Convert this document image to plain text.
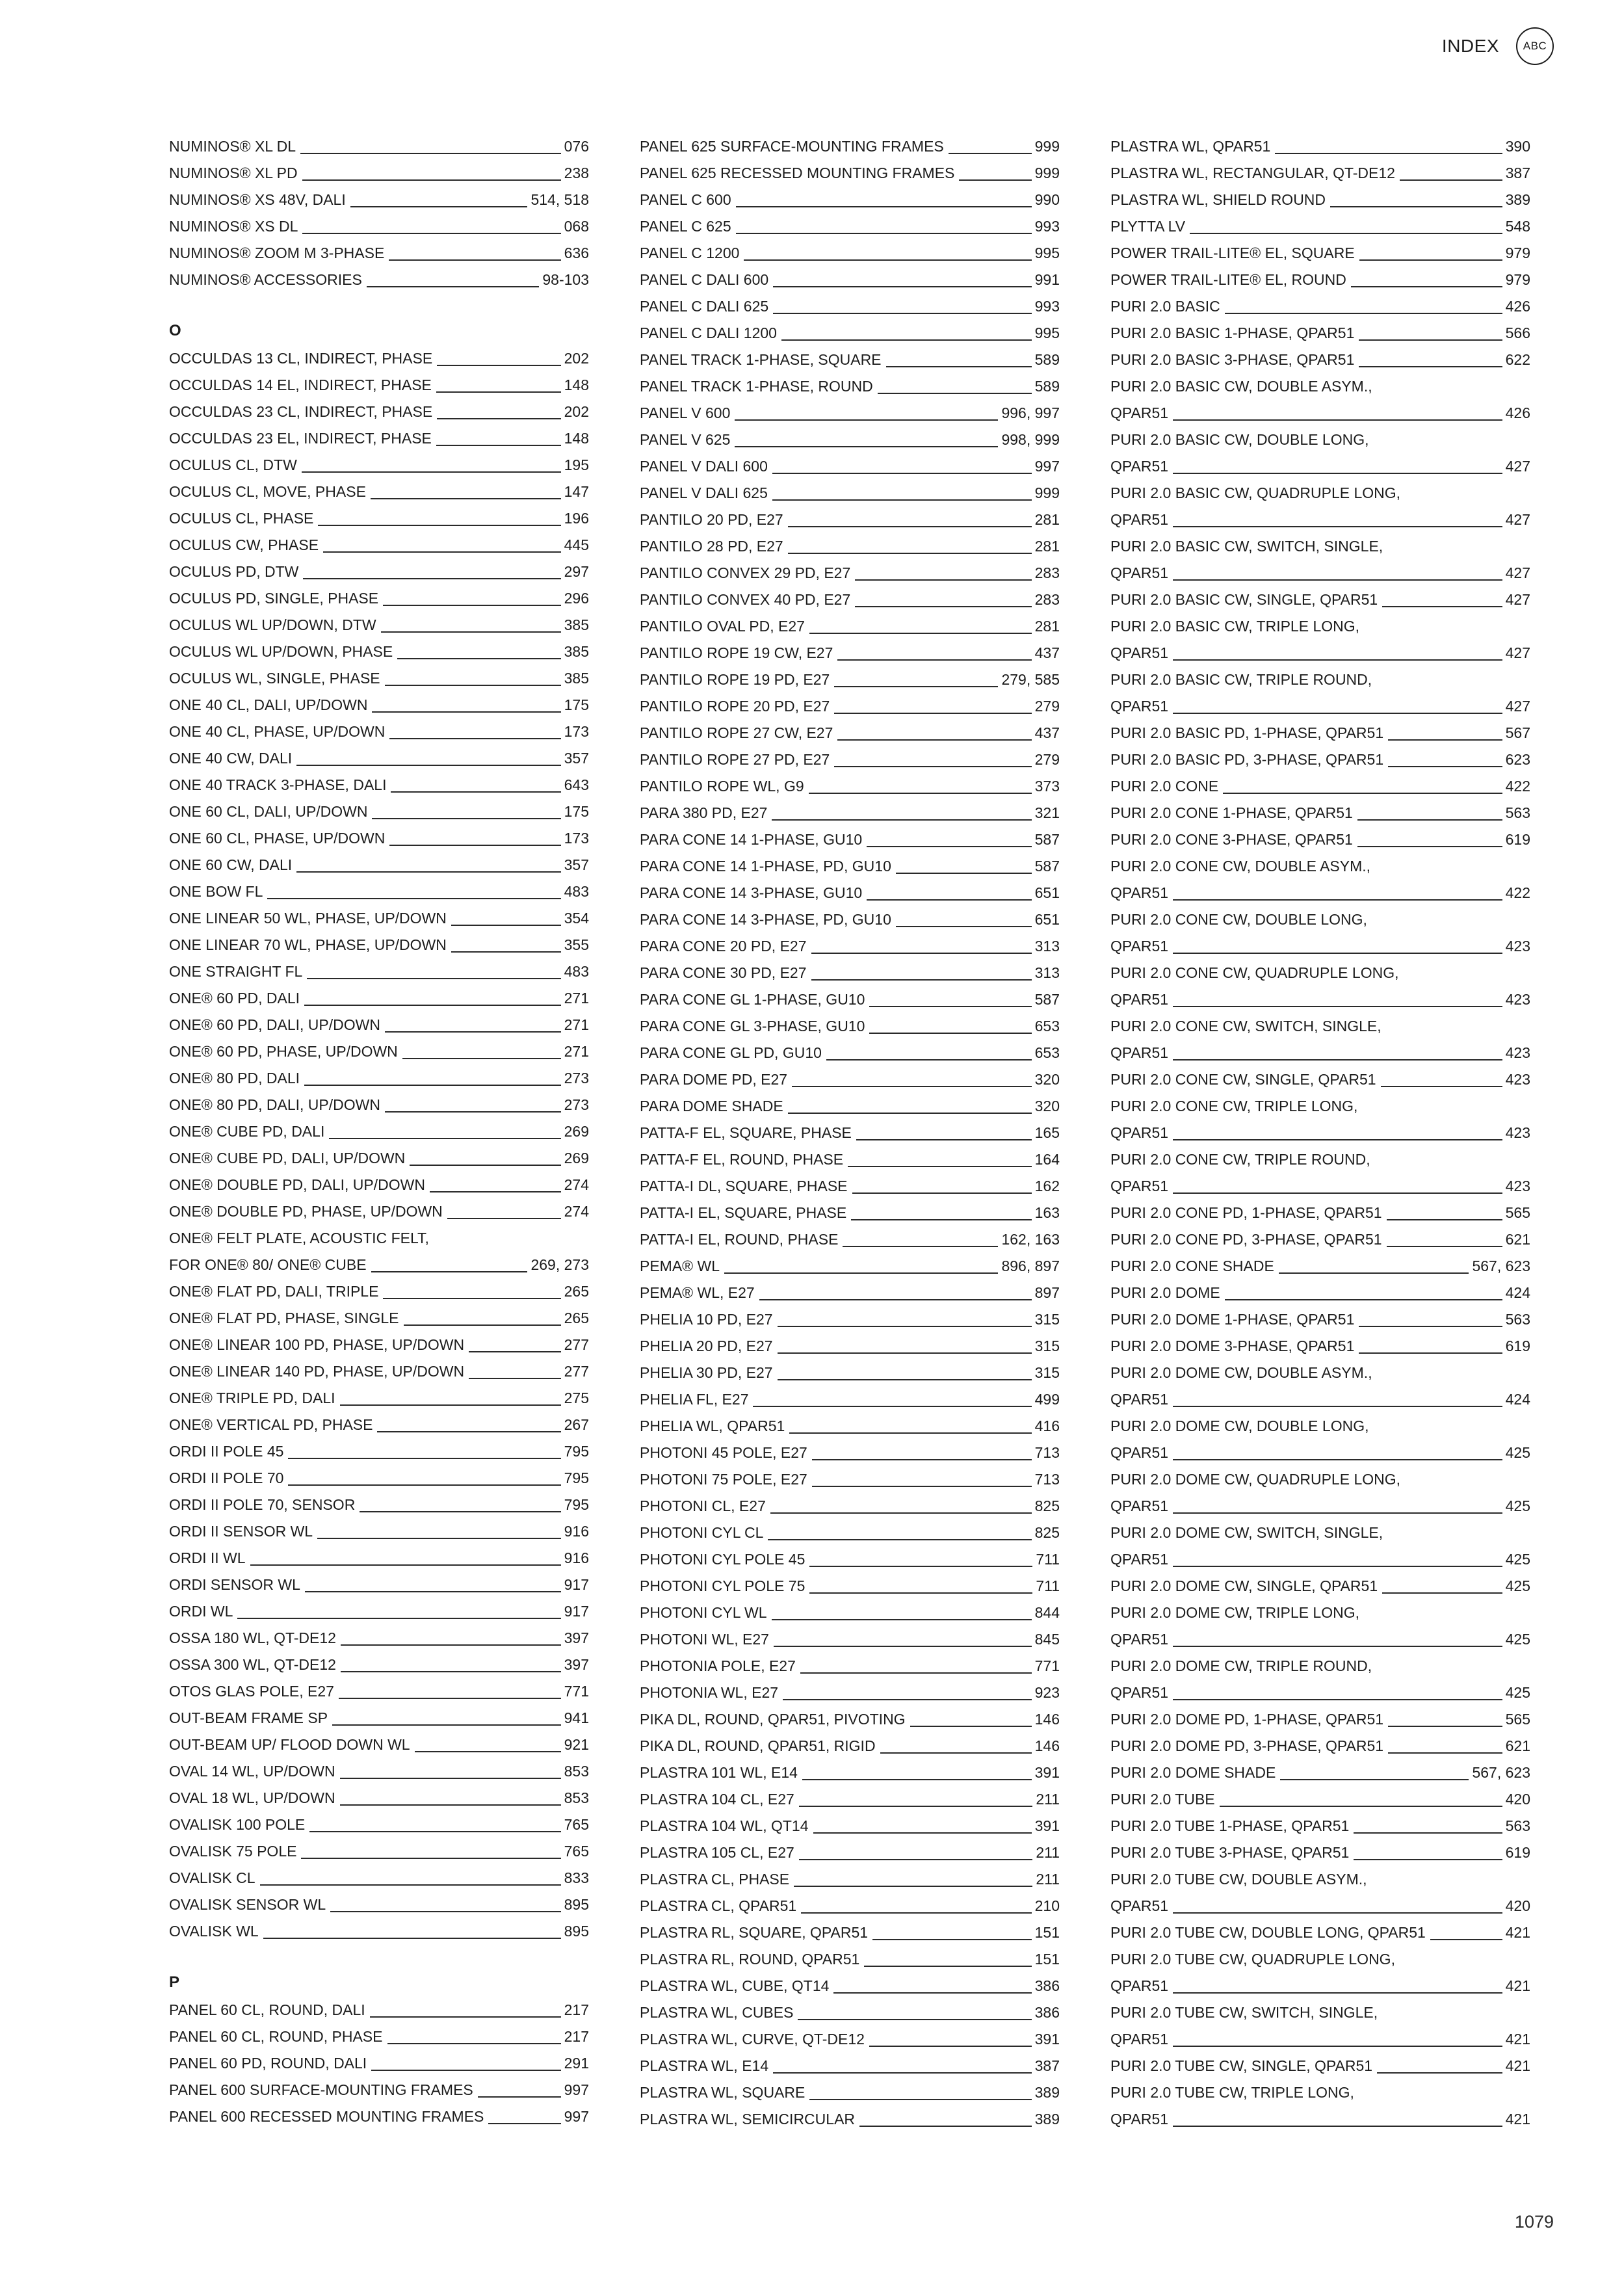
INDEX	ABC
NUMINOS® XL DL	076
NUMINOS® XL PD	238
NUMINOS® XS 48V, DALI	514, 518
NUMINOS® XS DL	068
NUMINOS® ZOOM M 3-PHASE	636
NUMINOS® ACCESSORIES	98-103
O
OCCULDAS 13 CL, INDIRECT, PHASE	202
OCCULDAS 14 EL, INDIRECT, PHASE	148
OCCULDAS 23 CL, INDIRECT, PHASE	202
OCCULDAS 23 EL, INDIRECT, PHASE	148
OCULUS CL, DTW	195
OCULUS CL, MOVE, PHASE	147
OCULUS CL, PHASE	196
OCULUS CW, PHASE	445
OCULUS PD, DTW	297
OCULUS PD, SINGLE, PHASE	296
OCULUS WL UP/DOWN, DTW	385
OCULUS WL UP/DOWN, PHASE	385
OCULUS WL, SINGLE, PHASE	385
ONE 40 CL, DALI, UP/DOWN	175
ONE 40 CL, PHASE, UP/DOWN	173
ONE 40 CW, DALI	357
ONE 40 TRACK 3-PHASE, DALI	643
ONE 60 CL, DALI, UP/DOWN	175
ONE 60 CL, PHASE, UP/DOWN	173
ONE 60 CW, DALI	357
ONE BOW FL	483
ONE LINEAR 50 WL, PHASE, UP/DOWN	354
ONE LINEAR 70 WL, PHASE, UP/DOWN	355
ONE STRAIGHT FL	483
ONE® 60 PD, DALI	271
ONE® 60 PD, DALI, UP/DOWN	271
ONE® 60 PD, PHASE, UP/DOWN	271
ONE® 80 PD, DALI	273
ONE® 80 PD, DALI, UP/DOWN	273
ONE® CUBE PD, DALI	269
ONE® CUBE PD, DALI, UP/DOWN	269
ONE® DOUBLE PD, DALI, UP/DOWN	274
ONE® DOUBLE PD, PHASE, UP/DOWN	274
ONE® FELT PLATE, ACOUSTIC FELT,
FOR ONE® 80/ ONE® CUBE	269, 273
ONE® FLAT PD, DALI, TRIPLE	265
ONE® FLAT PD, PHASE, SINGLE	265
ONE® LINEAR 100 PD, PHASE, UP/DOWN	277
ONE® LINEAR 140 PD, PHASE, UP/DOWN	277
ONE® TRIPLE PD, DALI	275
ONE® VERTICAL PD, PHASE	267
ORDI II POLE 45	795
ORDI II POLE 70	795
ORDI II POLE 70, SENSOR	795
ORDI II SENSOR WL	916
ORDI II WL	916
ORDI SENSOR WL	917
ORDI WL	917
OSSA 180 WL, QT-DE12	397
OSSA 300 WL, QT-DE12	397
OTOS GLAS POLE, E27	771
OUT-BEAM FRAME SP	941
OUT-BEAM UP/ FLOOD DOWN WL	921
OVAL 14 WL, UP/DOWN	853
OVAL 18 WL, UP/DOWN	853
OVALISK 100 POLE	765
OVALISK 75 POLE	765
OVALISK CL	833
OVALISK SENSOR WL	895
OVALISK WL	895
P
PANEL 60 CL, ROUND, DALI	217
PANEL 60 CL, ROUND, PHASE	217
PANEL 60 PD, ROUND, DALI	291
PANEL 600 SURFACE-MOUNTING FRAMES	997
PANEL 600 RECESSED MOUNTING FRAMES	997
PANEL 625 SURFACE-MOUNTING FRAMES	999
PANEL 625 RECESSED MOUNTING FRAMES	999
PANEL C 600	990
PANEL C 625	993
PANEL C 1200	995
PANEL C DALI 600	991
PANEL C DALI 625	993
PANEL C DALI 1200	995
PANEL TRACK 1-PHASE, SQUARE	589
PANEL TRACK 1-PHASE, ROUND	589
PANEL V 600	996, 997
PANEL V 625	998, 999
PANEL V DALI 600	997
PANEL V DALI 625	999
PANTILO 20 PD, E27	281
PANTILO 28 PD, E27	281
PANTILO CONVEX 29 PD, E27	283
PANTILO CONVEX 40 PD, E27	283
PANTILO OVAL PD, E27	281
PANTILO ROPE 19 CW, E27	437
PANTILO ROPE 19 PD, E27	279, 585
PANTILO ROPE 20 PD, E27	279
PANTILO ROPE 27 CW, E27	437
PANTILO ROPE 27 PD, E27	279
PANTILO ROPE WL, G9	373
PARA 380 PD, E27	321
PARA CONE 14 1-PHASE, GU10	587
PARA CONE 14 1-PHASE, PD, GU10	587
PARA CONE 14 3-PHASE, GU10	651
PARA CONE 14 3-PHASE, PD, GU10	651
PARA CONE 20 PD, E27	313
PARA CONE 30 PD, E27	313
PARA CONE GL 1-PHASE, GU10	587
PARA CONE GL 3-PHASE, GU10	653
PARA CONE GL PD, GU10	653
PARA DOME PD, E27	320
PARA DOME SHADE	320
PATTA-F EL, SQUARE, PHASE	165
PATTA-F EL, ROUND, PHASE	164
PATTA-I DL, SQUARE, PHASE	162
PATTA-I EL, SQUARE, PHASE	163
PATTA-I EL, ROUND, PHASE	162, 163
PEMA® WL	896, 897
PEMA® WL, E27	897
PHELIA 10 PD, E27	315
PHELIA 20 PD, E27	315
PHELIA 30 PD, E27	315
PHELIA FL, E27	499
PHELIA WL, QPAR51	416
PHOTONI 45 POLE, E27	713
PHOTONI 75 POLE, E27	713
PHOTONI CL, E27	825
PHOTONI CYL CL	825
PHOTONI CYL POLE 45	711
PHOTONI CYL POLE 75	711
PHOTONI CYL WL	844
PHOTONI WL, E27	845
PHOTONIA POLE, E27	771
PHOTONIA WL, E27	923
PIKA DL, ROUND, QPAR51, PIVOTING	146
PIKA DL, ROUND, QPAR51, RIGID	146
PLASTRA 101 WL, E14	391
PLASTRA 104 CL, E27	211
PLASTRA 104 WL, QT14	391
PLASTRA 105 CL, E27	211
PLASTRA CL, PHASE	211
PLASTRA CL, QPAR51	210
PLASTRA RL, SQUARE, QPAR51	151
PLASTRA RL, ROUND, QPAR51	151
PLASTRA WL, CUBE, QT14	386
PLASTRA WL, CUBES	386
PLASTRA WL, CURVE, QT-DE12	391
PLASTRA WL, E14	387
PLASTRA WL, SQUARE	389
PLASTRA WL, SEMICIRCULAR	389
PLASTRA WL, QPAR51	390
PLASTRA WL, RECTANGULAR, QT-DE12	387
PLASTRA WL, SHIELD ROUND	389
PLYTTA LV	548
POWER TRAIL-LITE® EL, SQUARE	979
POWER TRAIL-LITE® EL, ROUND	979
PURI 2.0 BASIC	426
PURI 2.0 BASIC 1-PHASE, QPAR51	566
PURI 2.0 BASIC 3-PHASE, QPAR51	622
PURI 2.0 BASIC CW, DOUBLE ASYM.,
QPAR51	426
PURI 2.0 BASIC CW, DOUBLE LONG,
QPAR51	427
PURI 2.0 BASIC CW, QUADRUPLE LONG,
QPAR51	427
PURI 2.0 BASIC CW, SWITCH, SINGLE,
QPAR51	427
PURI 2.0 BASIC CW, SINGLE, QPAR51	427
PURI 2.0 BASIC CW, TRIPLE LONG,
QPAR51	427
PURI 2.0 BASIC CW, TRIPLE ROUND,
QPAR51	427
PURI 2.0 BASIC PD, 1-PHASE, QPAR51	567
PURI 2.0 BASIC PD, 3-PHASE, QPAR51	623
PURI 2.0 CONE	422
PURI 2.0 CONE 1-PHASE, QPAR51	563
PURI 2.0 CONE 3-PHASE, QPAR51	619
PURI 2.0 CONE CW, DOUBLE ASYM.,
QPAR51	422
PURI 2.0 CONE CW, DOUBLE LONG,
QPAR51	423
PURI 2.0 CONE CW, QUADRUPLE LONG,
QPAR51	423
PURI 2.0 CONE CW, SWITCH, SINGLE,
QPAR51	423
PURI 2.0 CONE CW, SINGLE, QPAR51	423
PURI 2.0 CONE CW, TRIPLE LONG,
QPAR51	423
PURI 2.0 CONE CW, TRIPLE ROUND,
QPAR51	423
PURI 2.0 CONE PD, 1-PHASE, QPAR51	565
PURI 2.0 CONE PD, 3-PHASE, QPAR51	621
PURI 2.0 CONE SHADE	567, 623
PURI 2.0 DOME	424
PURI 2.0 DOME 1-PHASE, QPAR51	563
PURI 2.0 DOME 3-PHASE, QPAR51	619
PURI 2.0 DOME CW, DOUBLE ASYM.,
QPAR51	424
PURI 2.0 DOME CW, DOUBLE LONG,
QPAR51	425
PURI 2.0 DOME CW, QUADRUPLE LONG,
QPAR51	425
PURI 2.0 DOME CW, SWITCH, SINGLE,
QPAR51	425
PURI 2.0 DOME CW, SINGLE, QPAR51	425
PURI 2.0 DOME CW, TRIPLE LONG,
QPAR51	425
PURI 2.0 DOME CW, TRIPLE ROUND,
QPAR51	425
PURI 2.0 DOME PD, 1-PHASE, QPAR51	565
PURI 2.0 DOME PD, 3-PHASE, QPAR51	621
PURI 2.0 DOME SHADE	567, 623
PURI 2.0 TUBE	420
PURI 2.0 TUBE 1-PHASE, QPAR51	563
PURI 2.0 TUBE 3-PHASE, QPAR51	619
PURI 2.0 TUBE CW, DOUBLE ASYM.,
QPAR51	420
PURI 2.0 TUBE CW, DOUBLE LONG, QPAR51	421
PURI 2.0 TUBE CW, QUADRUPLE LONG,
QPAR51	421
PURI 2.0 TUBE CW, SWITCH, SINGLE,
QPAR51	421
PURI 2.0 TUBE CW, SINGLE, QPAR51	421
PURI 2.0 TUBE CW, TRIPLE LONG,
QPAR51	421
1079
